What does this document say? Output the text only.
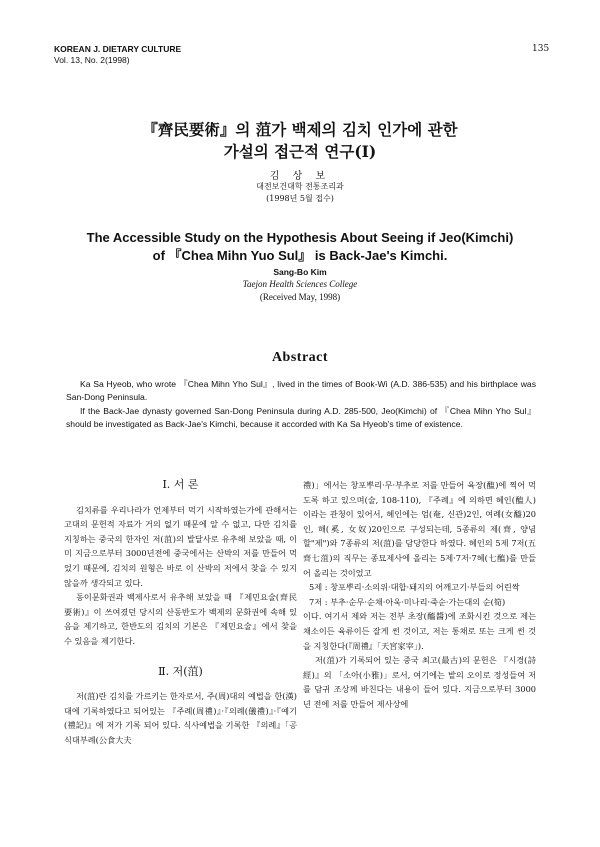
KOREAN J. DIETARY CULTURE
Vol. 13, No. 2(1998)
135
『齊民要術』의 菹가 백제의 김치 인가에 관한
가설의 접근적 연구(Ⅰ)
김 상 보
대전보건대학 전통조리과
(1998년 5월 접수)
The Accessible Study on the Hypothesis About Seeing if Jeo(Kimchi)
of 『Chea Mihn Yuo Sul』 is Back-Jae's Kimchi.
Sang-Bo Kim
Taejon Health Sciences College
(Received May, 1998)
Abstract

Ka Sa Hyeob, who wrote 『Chea Mihn Yho Sul』, lived in the times of Book-Wi (A.D. 386-535) and his birthplace was San-Dong Peninsula.

If the Back-Jae dynasty governed San-Dong Peninsula during A.D. 285-500, Jeo(Kimchi) of 『Chea Mihn Yho Sul』 should be investigated as Back-Jae's Kimchi, because it accorded with Ka Sa Hyeob's time of existence.

Ⅰ. 서 론

김치류를 우리나라가 언제부터 먹기 시작하였는가에 관해서는 고대의 문헌적 자료가 거의 없기 때문에 알 수 없고, 다만 김치를 지칭하는 중국의 한자인 저(菹)의 발달사로 유추해 보았을 때, 이미 지금으로부터 3000년전에 중국에서는 산박의 저를 만들어 먹었기 때문에, 김치의 원형은 바로 이 산박의 저에서 찾을 수 있지 않을까 생각되고 있다.

동이문화권과 백제사로서 유추해 보았을 때 『제민요술(齊民要術)』이 쓰여졌던 당시의 산동반도가 백제의 문화권에 속해 있음을 제기하고, 한반도의 김치의 기본은 『제민요술』에서 찾을 수 있음을 제기한다.

Ⅱ. 저(菹)

저(菹)란 김치를 가르키는 한자로서, 주(周)대의 예법을 한(漢)대에 기록하였다고 되어있는 『주례(周禮)』·『의례(儀禮)』·『예기(禮記)』에 저가 기록 되어 있다. 식사예법을 기록한 『의례』「공식대부례(公食大夫

禮)」에서는 창포뿌리·무·부추로 저를 만들어 육장(醢)에 찍어 먹도록 하고 있으며(술, 108-110), 『주례』에 의하면 혜인(醢人)이라는 관청이 있어서, 혜인에는 엄(奄, 신관)2인, 여례(女醯)20인, 해(奚, 女奴)20인으로 구성되는데, 5종류의 제(齊, 양념할"제")와 7종류의 저(菹)를 담당한다 하였다. 혜인의 5제 7저(五齊七菹)의 직무는 종묘제사에 올리는 5제·7저·7혜(七醢)를 만들어 올리는 것이었고

5제 : 창포뿌리·소의위·대합·돼지의 어깨고기·부들의 어린싹

7저 : 부추·순무·순채·아욱·미나리·죽순·가는대의 순(筍)

이다. 여기서 제와 저는 전부 초장(醯醬)에 조화시킨 것으로 제는 채소이든 육류이든 잘게 썬 것이고, 저는 통채로 또는 크게 썬 것을 지칭한다(『周禮』「天宮家宰」).

저(菹)가 기록되어 있는 중국 최고(最古)의 문헌은 『시경(詩經)』의 「소아(小雅)」로서, 여기에는 밭의 오이로 정성들여 저를 담귀 조상께 바친다는 내용이 들어 있다. 지금으로부터 3000년 전에 저를 만들어 제사상에
